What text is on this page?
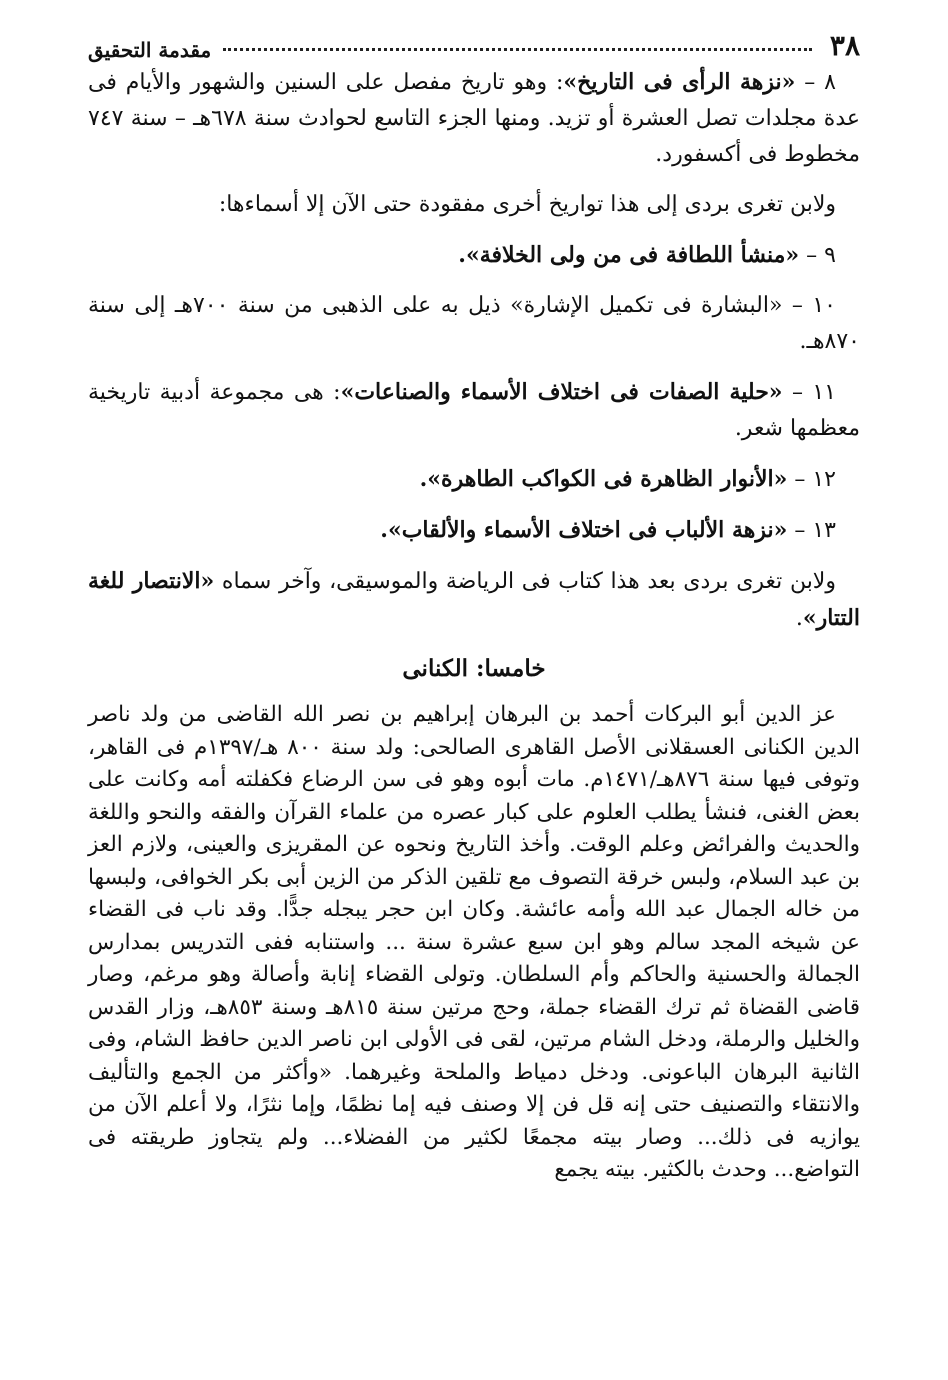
٣٨
مقدمة التحقيق

٨ – «نزهة الرأى فى التاريخ»: وهو تاريخ مفصل على السنين والشهور والأيام فى عدة مجلدات تصل العشرة أو تزيد. ومنها الجزء التاسع لحوادث سنة ٦٧٨هـ – سنة ٧٤٧ مخطوط فى أكسفورد.

ولابن تغرى بردى إلى هذا تواريخ أخرى مفقودة حتى الآن إلا أسماءها:

٩ – «منشأ اللطافة فى من ولى الخلافة».

١٠ – «البشارة فى تكميل الإشارة» ذيل به على الذهبى من سنة ٧٠٠هـ إلى سنة ٨٧٠هـ.

١١ – «حلية الصفات فى اختلاف الأسماء والصناعات»: هى مجموعة أدبية تاريخية معظمها شعر.

١٢ – «الأنوار الظاهرة فى الكواكب الطاهرة».

١٣ – «نزهة الألباب فى اختلاف الأسماء والألقاب».

ولابن تغرى بردى بعد هذا كتاب فى الرياضة والموسيقى، وآخر سماه «الانتصار للغة التتار».

خامسا: الكنانى

عز الدين أبو البركات أحمد بن البرهان إبراهيم بن نصر الله القاضى من ولد ناصر الدين الكنانى العسقلانى الأصل القاهرى الصالحى: ولد سنة ٨٠٠ هـ/١٣٩٧م فى القاهر، وتوفى فيها سنة ٨٧٦هـ/١٤٧١م. مات أبوه وهو فى سن الرضاع فكفلته أمه وكانت على بعض الغنى، فنشأ يطلب العلوم على كبار عصره من علماء القرآن والفقه والنحو واللغة والحديث والفرائض وعلم الوقت. وأخذ التاريخ ونحوه عن المقريزى والعينى، ولازم العز بن عبد السلام، ولبس خرقة التصوف مع تلقين الذكر من الزين أبى بكر الخوافى، ولبسها من خاله الجمال عبد الله وأمه عائشة. وكان ابن حجر يبجله جدًّا. وقد ناب فى القضاء عن شيخه المجد سالم وهو ابن سبع عشرة سنة ... واستنابه ففى التدريس بمدارس الجمالة والحسنية والحاكم وأم السلطان. وتولى القضاء إنابة وأصالة وهو مرغم، وصار قاضى القضاة ثم ترك القضاء جملة، وحج مرتين سنة ٨١٥هـ وسنة ٨٥٣هـ، وزار القدس والخليل والرملة، ودخل الشام مرتين، لقى فى الأولى ابن ناصر الدين حافظ الشام، وفى الثانية البرهان الباعونى. ودخل دمياط والملحة وغيرهما. «وأكثر من الجمع والتأليف والانتقاء والتصنيف حتى إنه قل فن إلا وصنف فيه إما نظمًا، وإما نثرًا، ولا أعلم الآن من يوازيه فى ذلك... وصار بيته مجمعًا لكثير من الفضلاء... ولم يتجاوز طريقته فى التواضع... وحدث بالكثير. بيته يجمع
